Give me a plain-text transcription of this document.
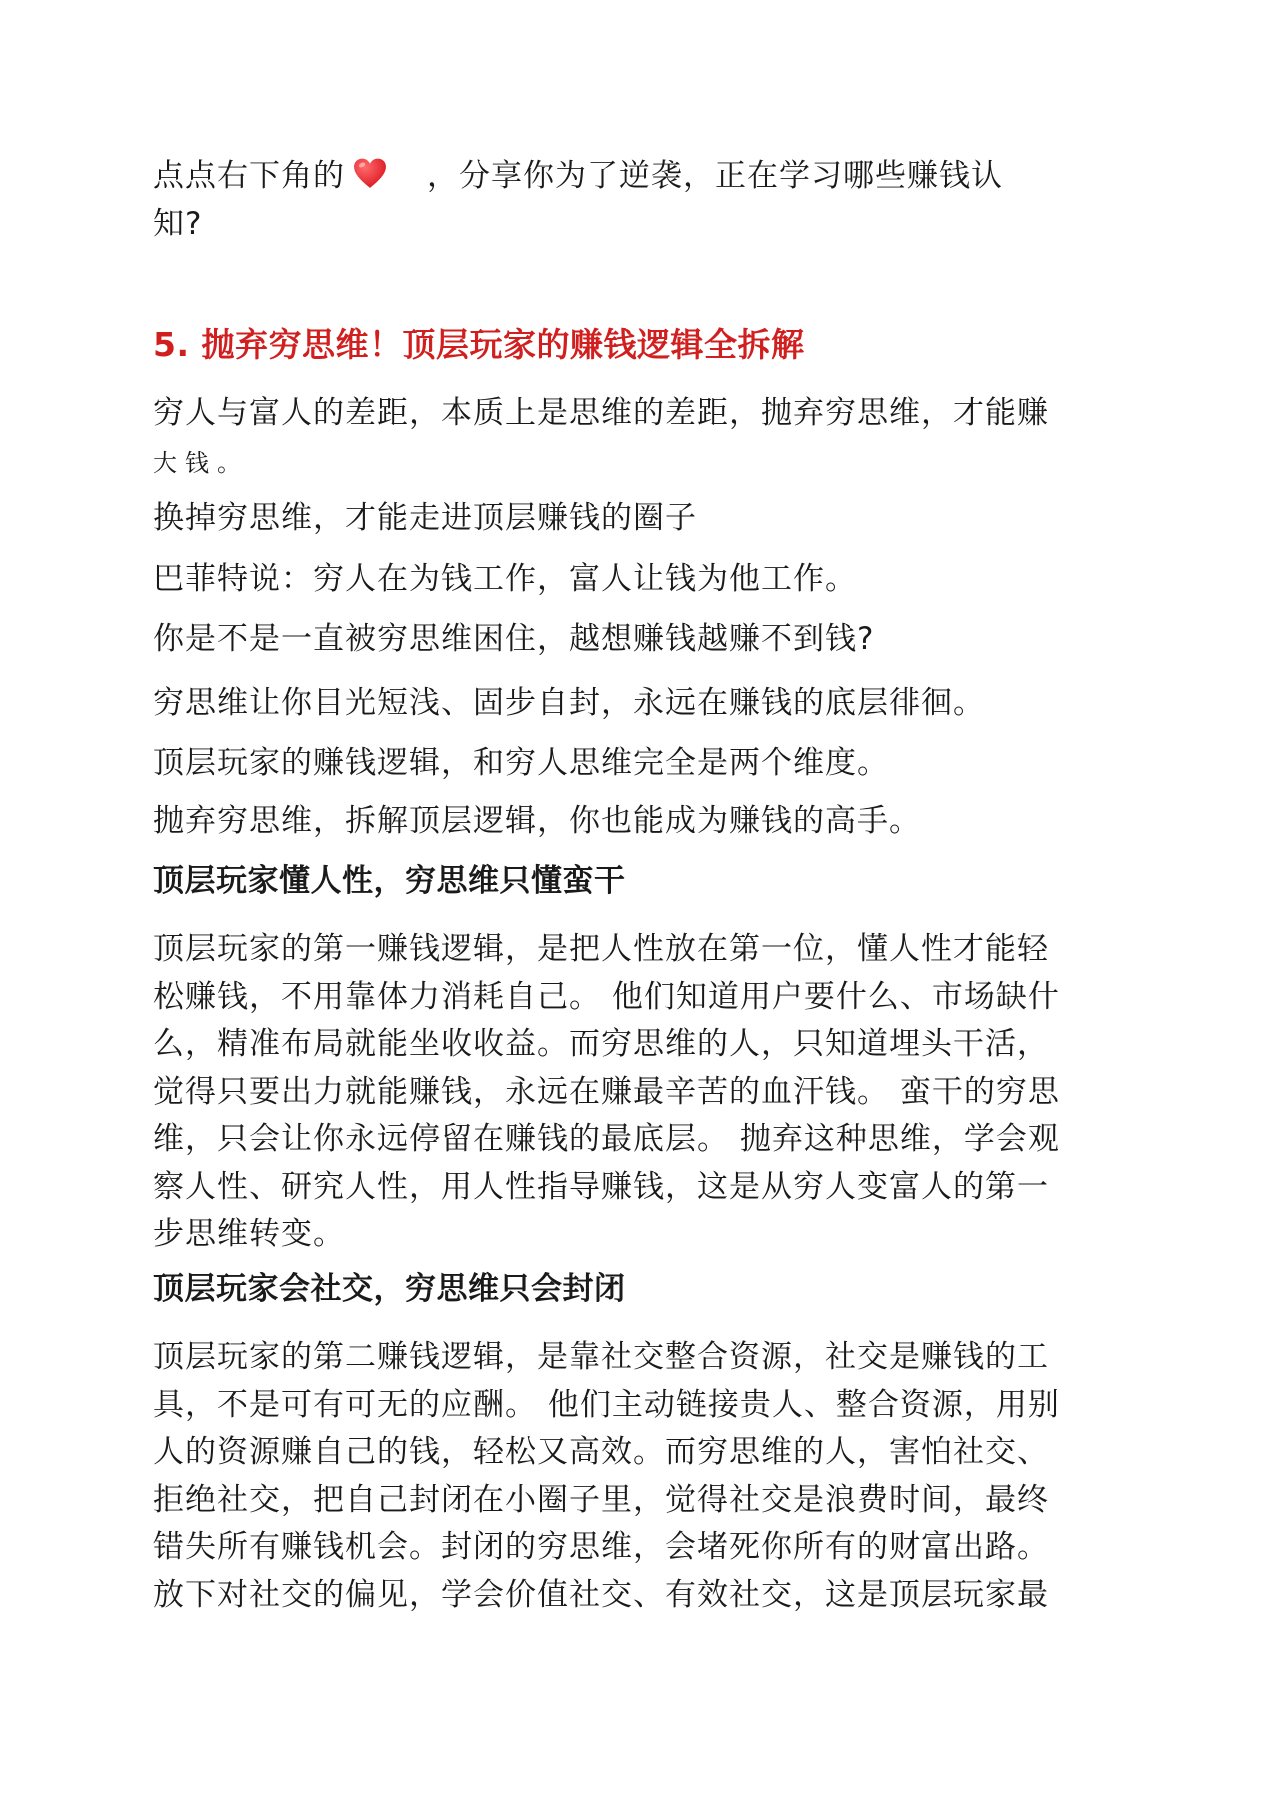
点点右下角的	，分享你为了逆袭，正在学习哪些赚钱认
知?
5. 抛弃穷思维！顶层玩家的赚钱逻辑全拆解
穷人与富人的差距，本质上是思维的差距，抛弃穷思维，才能赚
大钱。
换掉穷思维，才能走进顶层赚钱的圈子
巴菲特说：穷人在为钱工作，富人让钱为他工作。
你是不是一直被穷思维困住，越想赚钱越赚不到钱?
穷思维让你目光短浅、固步自封，永远在赚钱的底层徘徊。
顶层玩家的赚钱逻辑，和穷人思维完全是两个维度。
抛弃穷思维，拆解顶层逻辑，你也能成为赚钱的高手。
顶层玩家懂人性，穷思维只懂蛮干
顶层玩家的第一赚钱逻辑，是把人性放在第一位，懂人性才能轻
松赚钱，不用靠体力消耗自己。 他们知道用户要什么、市场缺什
么，精准布局就能坐收收益。而穷思维的人，只知道埋头干活，
觉得只要出力就能赚钱，永远在赚最辛苦的血汗钱。 蛮干的穷思
维，只会让你永远停留在赚钱的最底层。 抛弃这种思维，学会观
察人性、研究人性，用人性指导赚钱，这是从穷人变富人的第一
步思维转变。
顶层玩家会社交，穷思维只会封闭
顶层玩家的第二赚钱逻辑，是靠社交整合资源，社交是赚钱的工
具，不是可有可无的应酬。 他们主动链接贵人、整合资源，用别
人的资源赚自己的钱，轻松又高效。而穷思维的人，害怕社交、
拒绝社交，把自己封闭在小圈子里，觉得社交是浪费时间，最终
错失所有赚钱机会。封闭的穷思维，会堵死你所有的财富出路。
放下对社交的偏见，学会价值社交、有效社交，这是顶层玩家最
